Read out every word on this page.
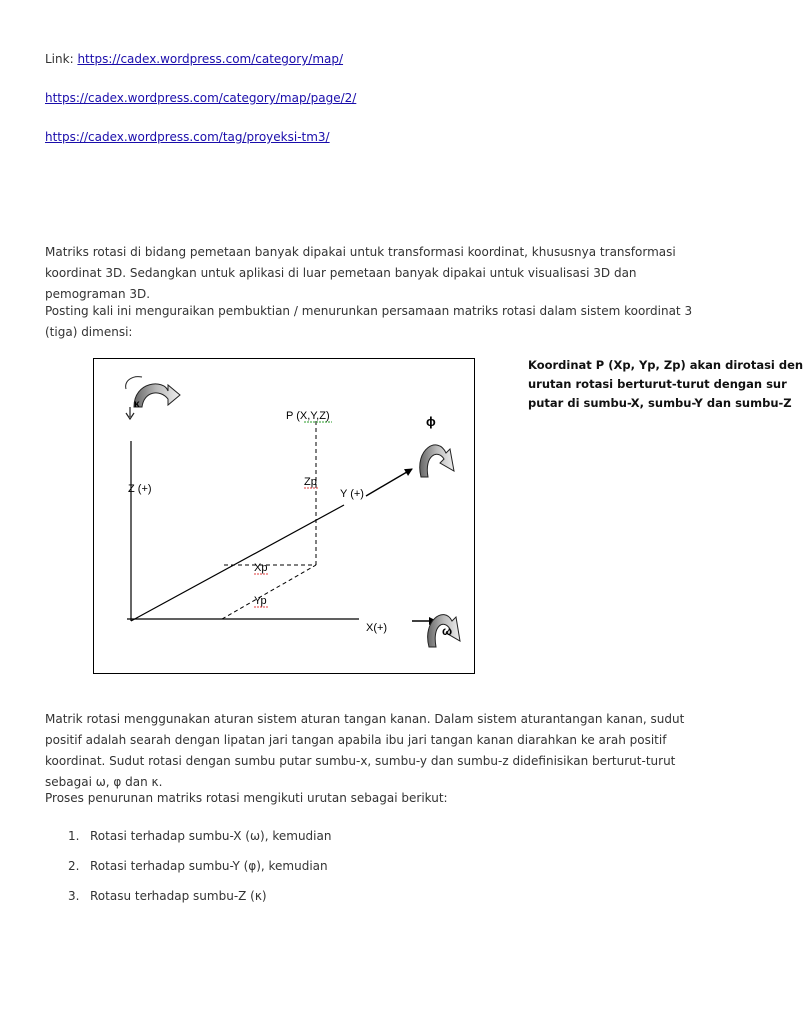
Link: https://cadex.wordpress.com/category/map/
https://cadex.wordpress.com/category/map/page/2/
https://cadex.wordpress.com/tag/proyeksi-tm3/

Matriks rotasi di bidang pemetaan banyak dipakai untuk transformasi koordinat, khususnya transformasi koordinat 3D. Sedangkan untuk aplikasi di luar pemetaan banyak dipakai untuk visualisasi 3D dan pemograman 3D.

Posting kali ini menguraikan pembuktian / menurunkan persamaan matriks rotasi dalam sistem koordinat 3 (tiga) dimensi:

κ
ϕ
ω
Z (+)
P (X,Y,Z)
Zp
Y (+)
Xp
Yp
X(+)
Koordinat P (Xp, Yp, Zp) akan dirotasi den
urutan rotasi berturut-turut dengan sur
putar di sumbu-X, sumbu-Y dan sumbu-Z

Matrik rotasi menggunakan aturan sistem aturan tangan kanan. Dalam sistem aturantangan kanan, sudut positif adalah searah dengan lipatan jari tangan apabila ibu jari tangan kanan diarahkan ke arah positif koordinat. Sudut rotasi dengan sumbu putar sumbu-x, sumbu-y dan sumbu-z didefinisikan berturut-turut sebagai ω, φ dan κ.

Proses penurunan matriks rotasi mengikuti urutan sebagai berikut:

1. Rotasi terhadap sumbu-X (ω), kemudian
2. Rotasi terhadap sumbu-Y (φ), kemudian
3. Rotasu terhadap sumbu-Z (κ)
